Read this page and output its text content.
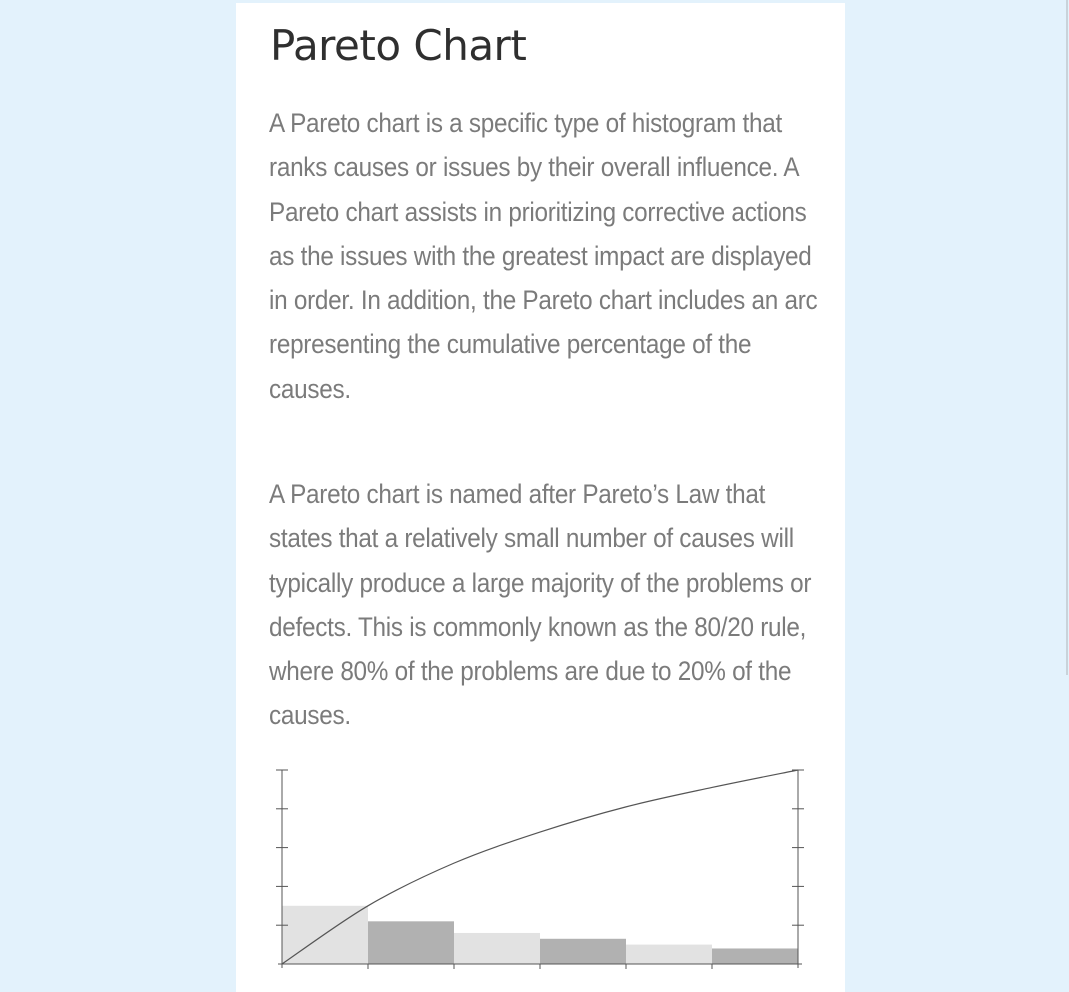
Pareto Chart

A Pareto chart is a specific type of histogram that ranks causes or issues by their overall influence. A Pareto chart assists in prioritizing corrective actions as the issues with the greatest impact are displayed in order. In addition, the Pareto chart includes an arc representing the cumulative percentage of the causes.

A Pareto chart is named after Pareto’s Law that states that a relatively small number of causes will typically produce a large majority of the problems or defects. This is commonly known as the 80/20 rule, where 80% of the problems are due to 20% of the causes.
